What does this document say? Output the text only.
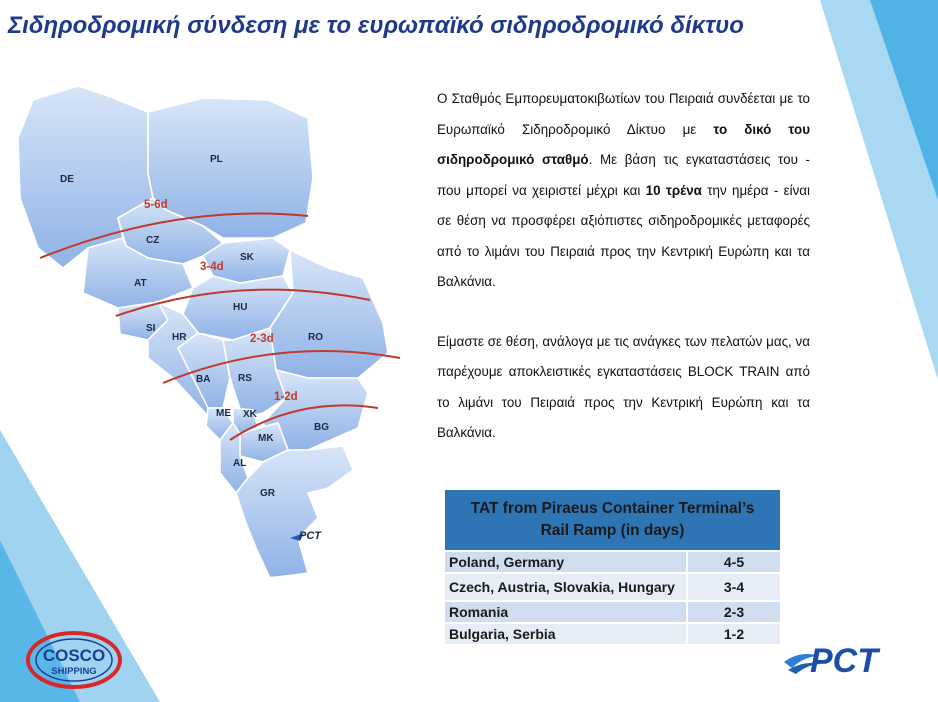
Σιδηροδρομική σύνδεση με το ευρωπαϊκό σιδηροδρομικό δίκτυο
DE
PL
CZ
SK
AT
HU
SI
HR	RO
BA	RS
ME XK
MK
AL
BG
GR
5-6d
3-4d
2-3d
1-2d
PCT

Ο Σταθμός Εμπορευματοκιβωτίων του Πειραιά συνδέεται με το Ευρωπαϊκό Σιδηροδρομικό Δίκτυο με το δικό του σιδηροδρομικό σταθμό. Με βάση τις εγκαταστάσεις του - που μπορεί να χειριστεί μέχρι και 10 τρένα την ημέρα - είναι σε θέση να προσφέρει αξιόπιστες σιδηροδρομικές μεταφορές από το λιμάνι του Πειραιά προς την Κεντρική Ευρώπη και τα Βαλκάνια.

Είμαστε σε θέση, ανάλογα με τις ανάγκες των πελατών μας, να παρέχουμε αποκλειστικές εγκαταστάσεις BLOCK TRAIN από το λιμάνι του Πειραιά προς την Κεντρική Ευρώπη και τα Βαλκάνια.

TAT from Piraeus Container Terminal’s
Rail Ramp (in days)	

Poland, Germany	4-5
Czech, Austria, Slovakia, Hungary	3-4
Romania	2-3
Bulgaria, Serbia	1-2
COSCO
SHIPPING	PCT
